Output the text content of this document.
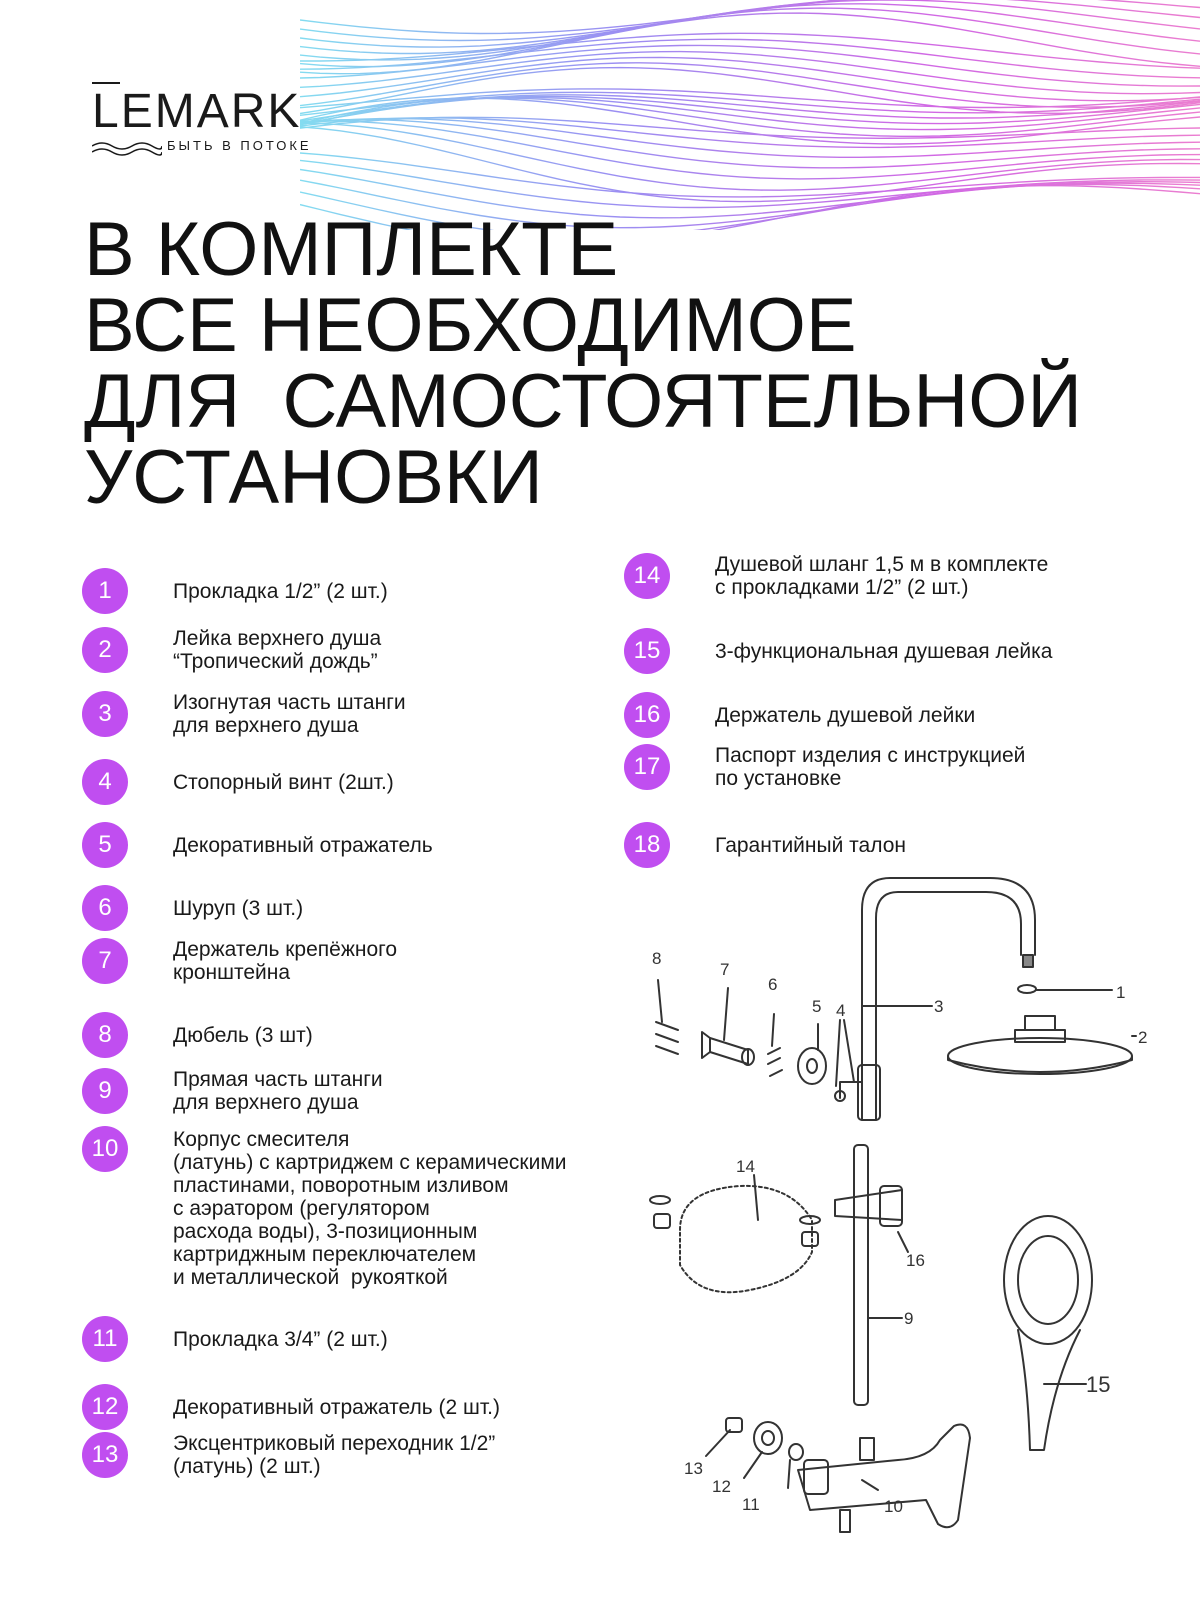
LEMARK
БЫТЬ В ПОТОКЕ
В КОМПЛЕКТЕ
ВСЕ НЕОБХОДИМОЕ
ДЛЯ  САМОСТОЯТЕЛЬНОЙ
УСТАНОВКИ
1	Прокладка 1/2” (2 шт.)
2	Лейка верхнего душа
“Тропический дождь”
3	Изогнутая часть штанги
для верхнего душа
4	Стопорный винт (2шт.)
5	Декоративный отражатель
6	Шуруп (3 шт.)
7	Держатель крепёжного
кронштейна
8	Дюбель (3 шт)
9	Прямая часть штанги
для верхнего душа
10	Корпус смесителя
(латунь) с картриджем с керамическими
пластинами, поворотным изливом
с аэратором (регулятором
расхода воды), 3-позиционным
картриджным переключателем
и металлической  рукояткой
11	Прокладка 3/4” (2 шт.)
12	Декоративный отражатель (2 шт.)
13	Эксцентриковый переходник 1/2”
(латунь) (2 шт.)
14	Душевой шланг 1,5 м в комплекте
с прокладками 1/2” (2 шт.)
15	3-функциональная душевая лейка
16	Держатель душевой лейки
17	Паспорт изделия с инструкцией
по установке
18	Гарантийный талон
8
7
6
5 4	3
1
2
14
16
9
15
13
12
11	10
